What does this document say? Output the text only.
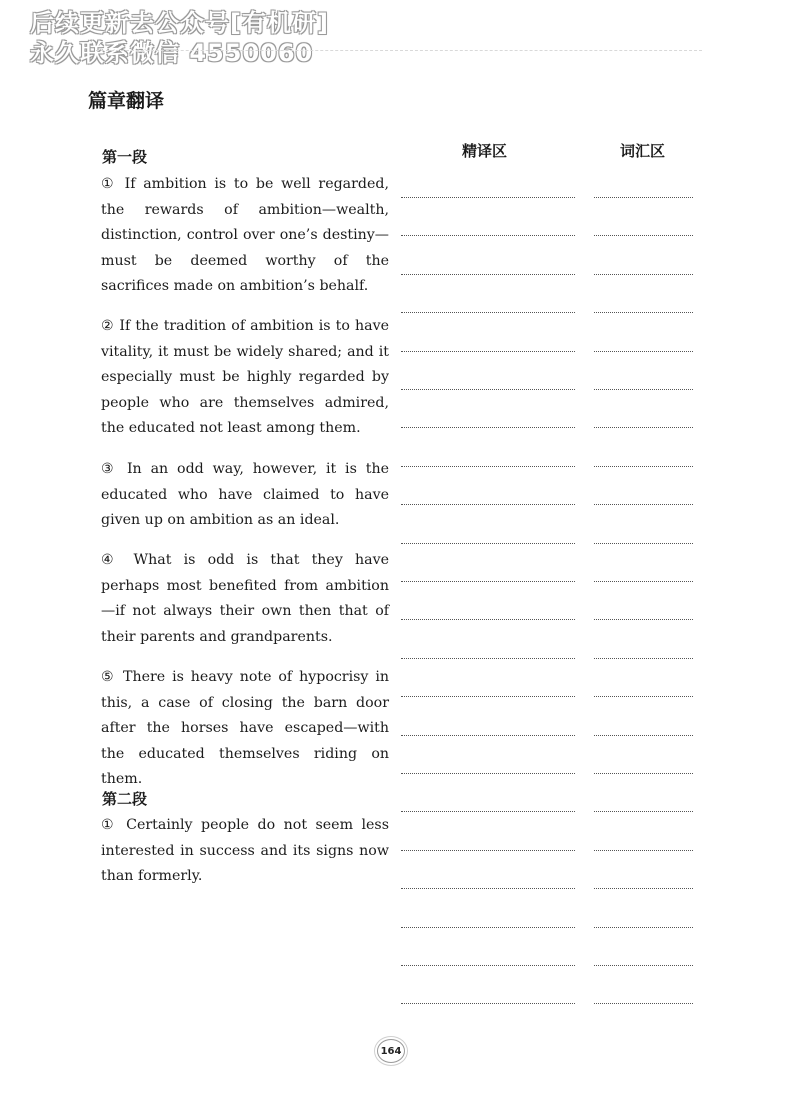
后续更新去公众号[有机研]
永久联系微信 4550060
篇章翻译
精译区	词汇区
第一段

① If ambition is to be well regarded, the rewards of ambition—wealth, distinction, control over one’s destiny—must be deemed worthy of the sacrifices made on ambition’s behalf.

② If the tradition of ambition is to have vitality, it must be widely shared; and it especially must be highly regarded by people who are themselves admired, the educated not least among them.

③ In an odd way, however, it is the educated who have claimed to have given up on ambition as an ideal.

④ What is odd is that they have perhaps most benefited from ambition—if not always their own then that of their parents and grandparents.

⑤ There is heavy note of hypocrisy in this, a case of closing the barn door after the horses have escaped—with the educated themselves riding on them.

第二段

① Certainly people do not seem less interested in success and its signs now than formerly.

164
